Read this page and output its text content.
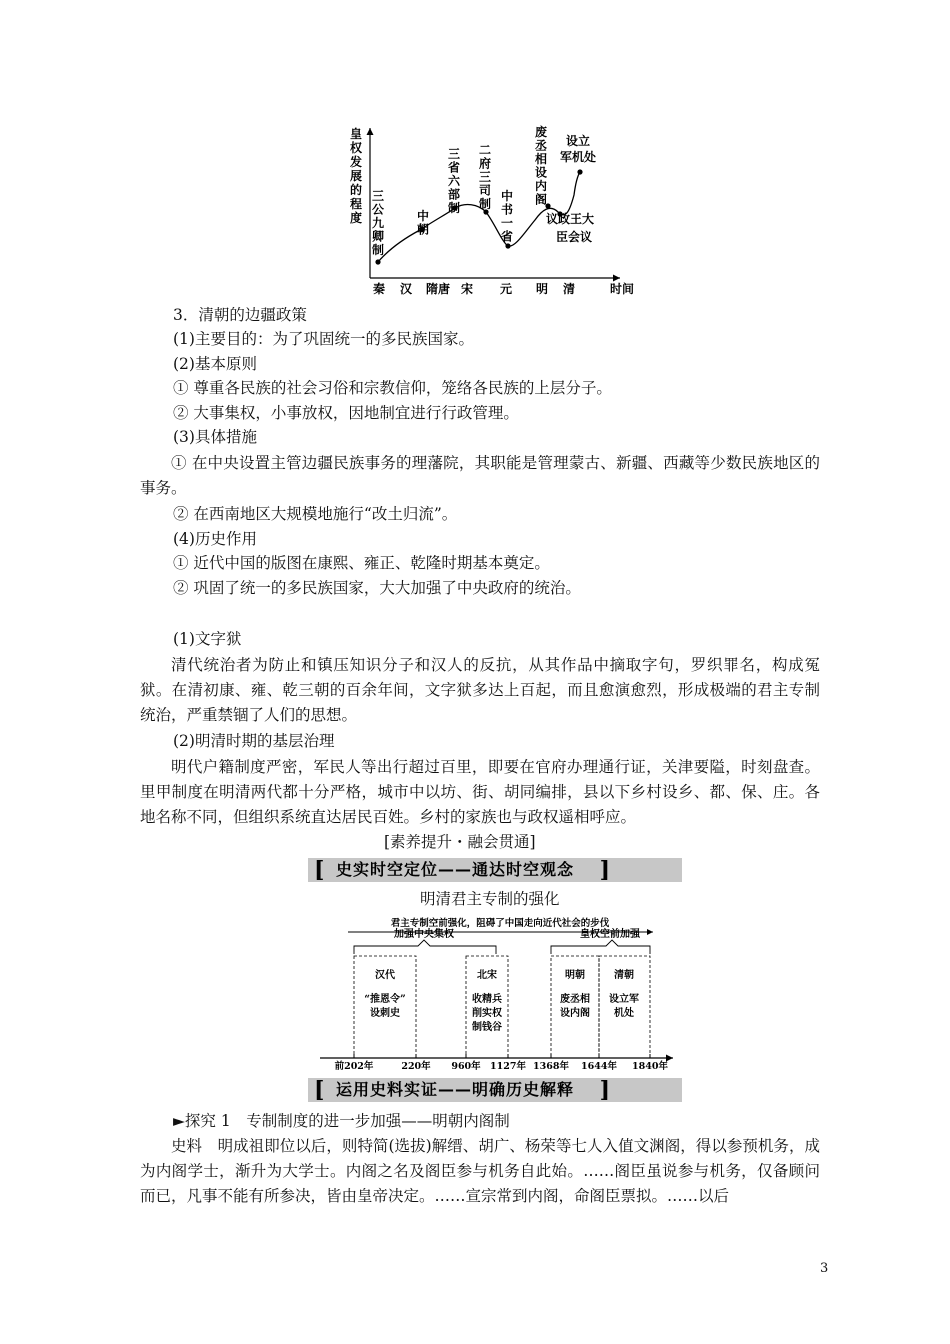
皇
权
发
展
的
程
度
秦 汉 隋唐 宋 元 明 清	时间
三
公
九
卿
制
中
朝
三
省
六
部
制
二
府
三
司
制
中
书
一
省
废
丞
相
设
内
阁
议政王大
臣会议
设立
军机处
3．清朝的边疆政策
(1)主要目的：为了巩固统一的多民族国家。
(2)基本原则
① 尊重各民族的社会习俗和宗教信仰，笼络各民族的上层分子。
② 大事集权，小事放权，因地制宜进行行政管理。
(3)具体措施
① 在中央设置主管边疆民族事务的理藩院，其职能是管理蒙古、新疆、西藏等少数民族地区的事务。
② 在西南地区大规模地施行“改土归流”。
(4)历史作用
① 近代中国的版图在康熙、雍正、乾隆时期基本奠定。
② 巩固了统一的多民族国家，大大加强了中央政府的统治。
(1)文字狱
清代统治者为防止和镇压知识分子和汉人的反抗，从其作品中摘取字句，罗织罪名，构成冤狱。在清初康、雍、乾三朝的百余年间，文字狱多达上百起，而且愈演愈烈，形成极端的君主专制统治，严重禁锢了人们的思想。
(2)明清时期的基层治理
明代户籍制度严密，军民人等出行超过百里，即要在官府办理通行证，关津要隘，时刻盘查。里甲制度在明清两代都十分严格，城市中以坊、街、胡同编排，县以下乡村设乡、都、保、庄。各地名称不同，但组织系统直达居民百姓。乡村的家族也与政权遥相呼应。
[素养提升・融会贯通]
[ 史实时空定位——通达时空观念 ]
明清君主专制的强化
君主专制空前强化，阻碍了中国走向近代社会的步伐
加强中央集权	皇权空前加强
汉代
“推恩令”
设刺史
北宋
收精兵
削实权
制钱谷
明朝
废丞相
设内阁
清朝
设立军
机处
前202年	220年 960年 1127年 1368年 1644年 1840年
[ 运用史料实证——明确历史解释 ]
►探究 1　专制制度的进一步加强——明朝内阁制
史料　明成祖即位以后，则特简(选拔)解缙、胡广、杨荣等七人入值文渊阁，得以参预机务，成为内阁学士，渐升为大学士。内阁之名及阁臣参与机务自此始。……阁臣虽说参与机务，仅备顾问而已，凡事不能有所参决，皆由皇帝决定。……宣宗常到内阁，命阁臣票拟。……以后
3
